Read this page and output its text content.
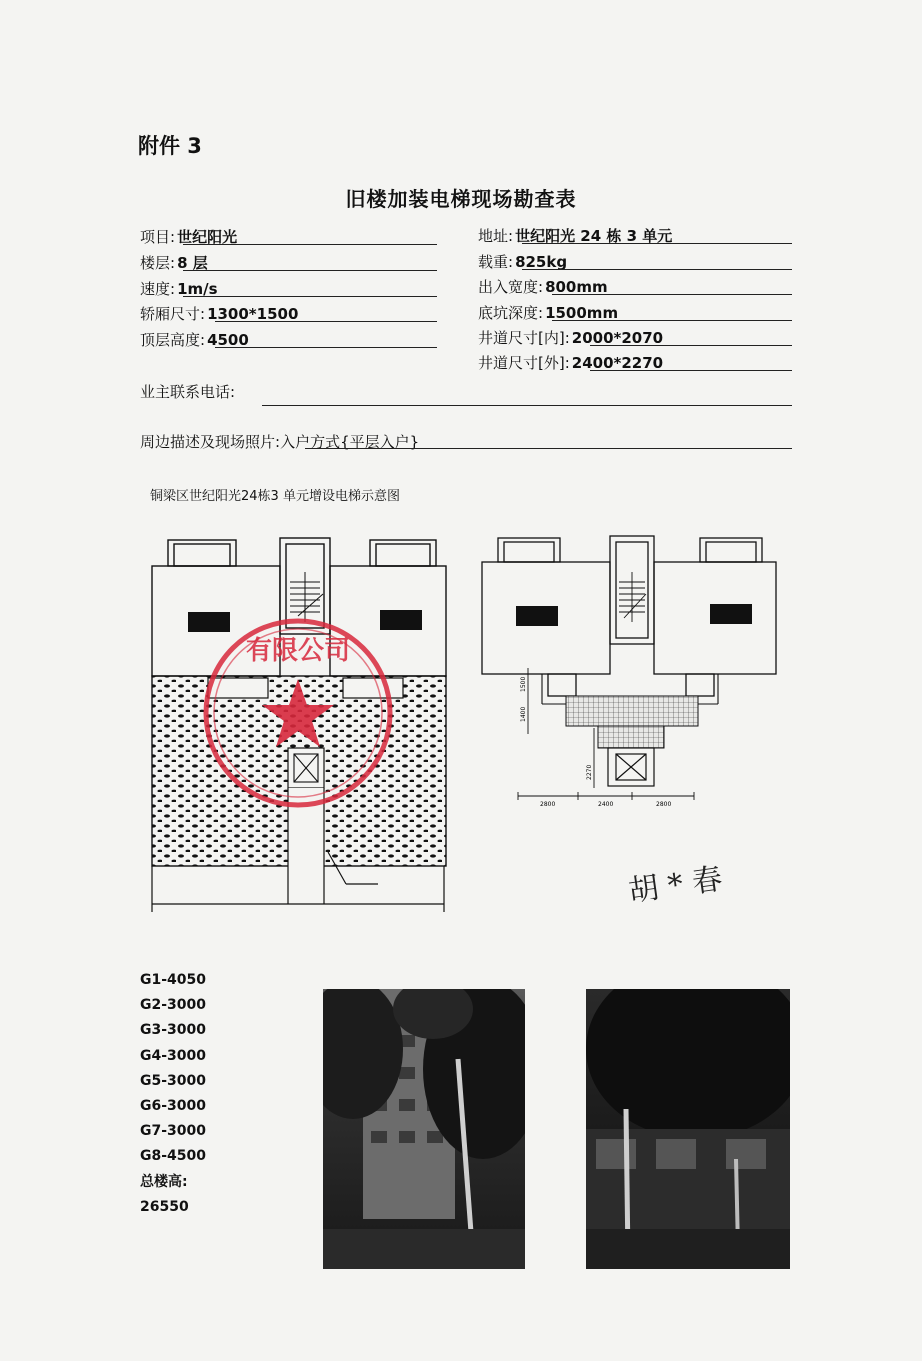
附件 3
旧楼加装电梯现场勘查表
项目: 世纪阳光
楼层: 8 层
速度: 1m/s
轿厢尺寸: 1300*1500
顶层高度: 4500
地址: 世纪阳光 24 栋 3 单元
载重: 825kg
出入宽度: 800mm
底坑深度: 1500mm
井道尺寸[内]: 2000*2070
井道尺寸[外]: 2400*2270
业主联系电话:
周边描述及现场照片:入户方式{平层入户}
铜梁区世纪阳光24栋3 单元增设电梯示意图
有限公司
1400
1500
2270
2800	2400	2800
胡 * 春
G1-4050
G2-3000
G3-3000
G4-3000
G5-3000
G6-3000
G7-3000
G8-4500
总楼高:
26550
